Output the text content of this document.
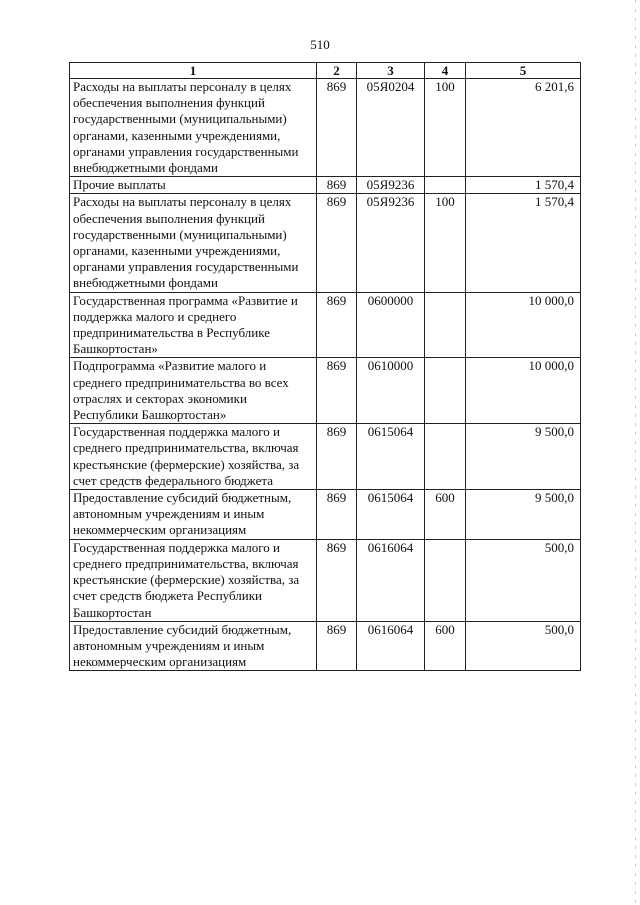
510
1	2	3	4	5
Расходы на выплаты персоналу в целях обеспечения выполнения функций государственными (муниципальными) органами, казенными учреждениями, органами управления государственными внебюджетными фондами	869	05Я0204	100	6 201,6
Прочие выплаты	869	05Я9236		1 570,4
Расходы на выплаты персоналу в целях обеспечения выполнения функций государственными (муниципальными) органами, казенными учреждениями, органами управления государственными внебюджетными фондами	869	05Я9236	100	1 570,4
Государственная программа «Развитие и поддержка малого и среднего предпринимательства в Республике Башкортостан»	869	0600000		10 000,0
Подпрограмма «Развитие малого и среднего предпринимательства во всех отраслях и секторах экономики Республики Башкортостан»	869	0610000		10 000,0
Государственная поддержка малого и среднего предпринимательства, включая крестьянские (фермерские) хозяйства, за счет средств федерального бюджета	869	0615064		9 500,0
Предоставление субсидий бюджетным, автономным учреждениям и иным некоммерческим организациям	869	0615064	600	9 500,0
Государственная поддержка малого и среднего предпринимательства, включая крестьянские (фермерские) хозяйства, за счет средств бюджета Республики Башкортостан	869	0616064		500,0
Предоставление субсидий бюджетным, автономным учреждениям и иным некоммерческим организациям	869	0616064	600	500,0
